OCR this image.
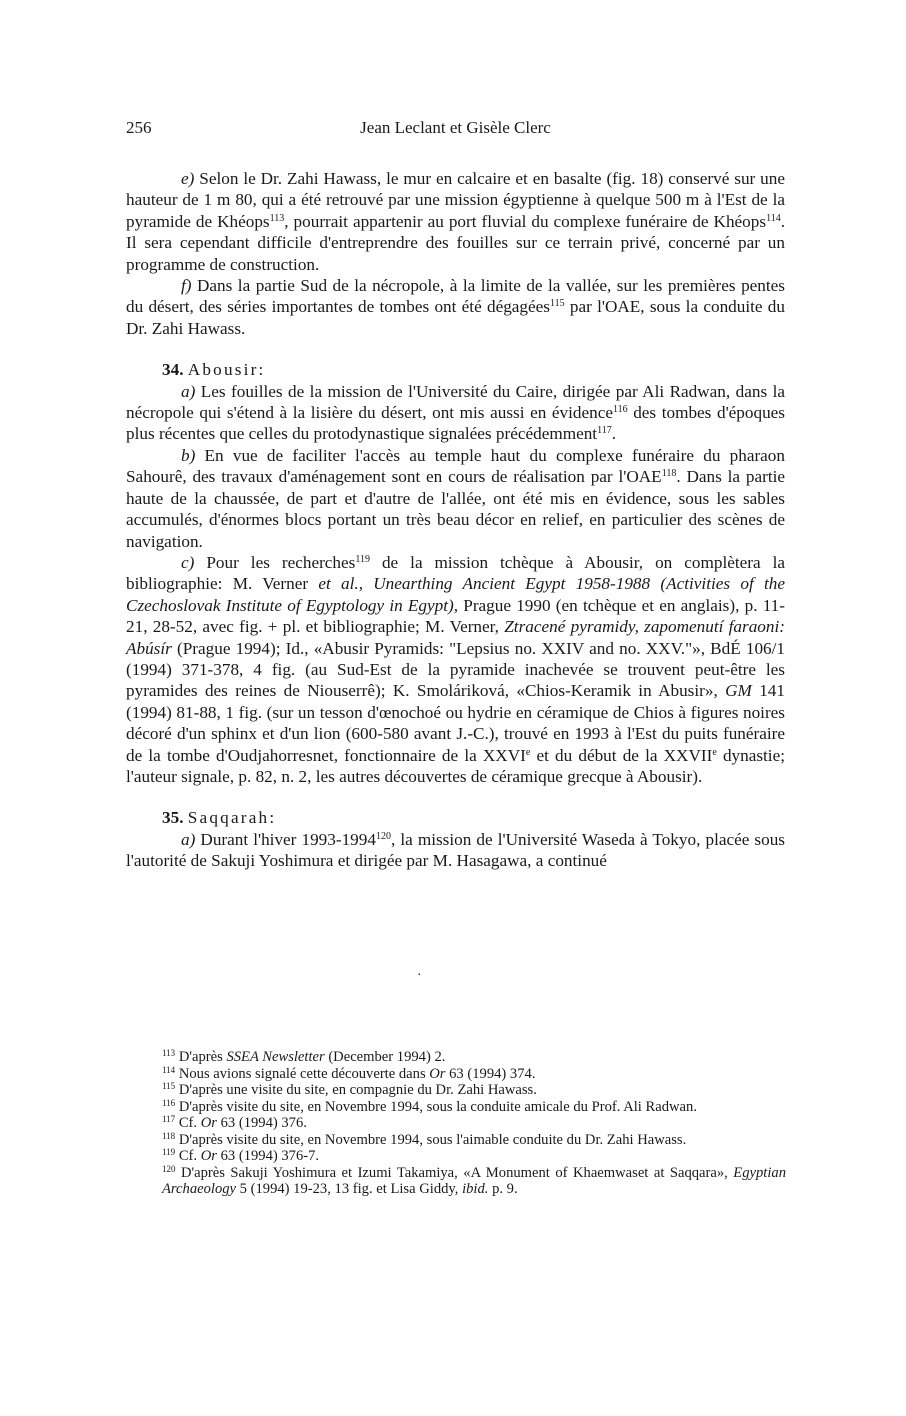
256	Jean Leclant et Gisèle Clerc

e) Selon le Dr. Zahi Hawass, le mur en calcaire et en basalte (fig. 18) conservé sur une hauteur de 1 m 80, qui a été retrouvé par une mission égyptienne à quelque 500 m à l'Est de la pyramide de Khéops$^{113}$, pourrait appartenir au port fluvial du complexe funéraire de Khéops$^{114}$. Il sera cependant difficile d'entreprendre des fouilles sur ce terrain privé, concerné par un programme de construction.

f) Dans la partie Sud de la nécropole, à la limite de la vallée, sur les premières pentes du désert, des séries importantes de tombes ont été dégagées$^{115}$ par l'OAE, sous la conduite du Dr. Zahi Hawass.

34. Abousir:

a) Les fouilles de la mission de l'Université du Caire, dirigée par Ali Radwan, dans la nécropole qui s'étend à la lisière du désert, ont mis aussi en évidence$^{116}$ des tombes d'époques plus récentes que celles du protodynastique signalées précédemment$^{117}$.

b) En vue de faciliter l'accès au temple haut du complexe funéraire du pharaon Sahourê, des travaux d'aménagement sont en cours de réalisation par l'OAE$^{118}$. Dans la partie haute de la chaussée, de part et d'autre de l'allée, ont été mis en évidence, sous les sables accumulés, d'énormes blocs portant un très beau décor en relief, en particulier des scènes de navigation.

c) Pour les recherches$^{119}$ de la mission tchèque à Abousir, on complètera la bibliographie: M. Verner et al., Unearthing Ancient Egypt 1958-1988 (Activities of the Czechoslovak Institute of Egyptology in Egypt), Prague 1990 (en tchèque et en anglais), p. 11-21, 28-52, avec fig. + pl. et bibliographie; M. Verner, Ztracené pyramidy, zapomenutí faraoni: Abúsír (Prague 1994); Id., «Abusir Pyramids: "Lepsius no. XXIV and no. XXV."», BdÉ 106/1 (1994) 371-378, 4 fig. (au Sud-Est de la pyramide inachevée se trouvent peut-être les pyramides des reines de Niouserrê); K. Smoláriková, «Chios-Keramik in Abusir», GM 141 (1994) 81-88, 1 fig. (sur un tesson d'œnochoé ou hydrie en céramique de Chios à figures noires décoré d'un sphinx et d'un lion (600-580 avant J.-C.), trouvé en 1993 à l'Est du puits funéraire de la tombe d'Oudjahorresnet, fonctionnaire de la XXVIe et du début de la XXVIIe dynastie; l'auteur signale, p. 82, n. 2, les autres découvertes de céramique grecque à Abousir).

35. Saqqarah:

a) Durant l'hiver 1993-1994$^{120}$, la mission de l'Université Waseda à Tokyo, placée sous l'autorité de Sakuji Yoshimura et dirigée par M. Hasagawa, a continué

·

$^{113}$ D'après SSEA Newsletter (December 1994) 2.

$^{114}$ Nous avions signalé cette découverte dans Or 63 (1994) 374.

$^{115}$ D'après une visite du site, en compagnie du Dr. Zahi Hawass.

$^{116}$ D'après visite du site, en Novembre 1994, sous la conduite amicale du Prof. Ali Radwan.

$^{117}$ Cf. Or 63 (1994) 376.

$^{118}$ D'après visite du site, en Novembre 1994, sous l'aimable conduite du Dr. Zahi Hawass.

$^{119}$ Cf. Or 63 (1994) 376-7.

$^{120}$ D'après Sakuji Yoshimura et Izumi Takamiya, «A Monument of Khaemwaset at Saqqara», Egyptian Archaeology 5 (1994) 19-23, 13 fig. et Lisa Giddy, ibid. p. 9.
